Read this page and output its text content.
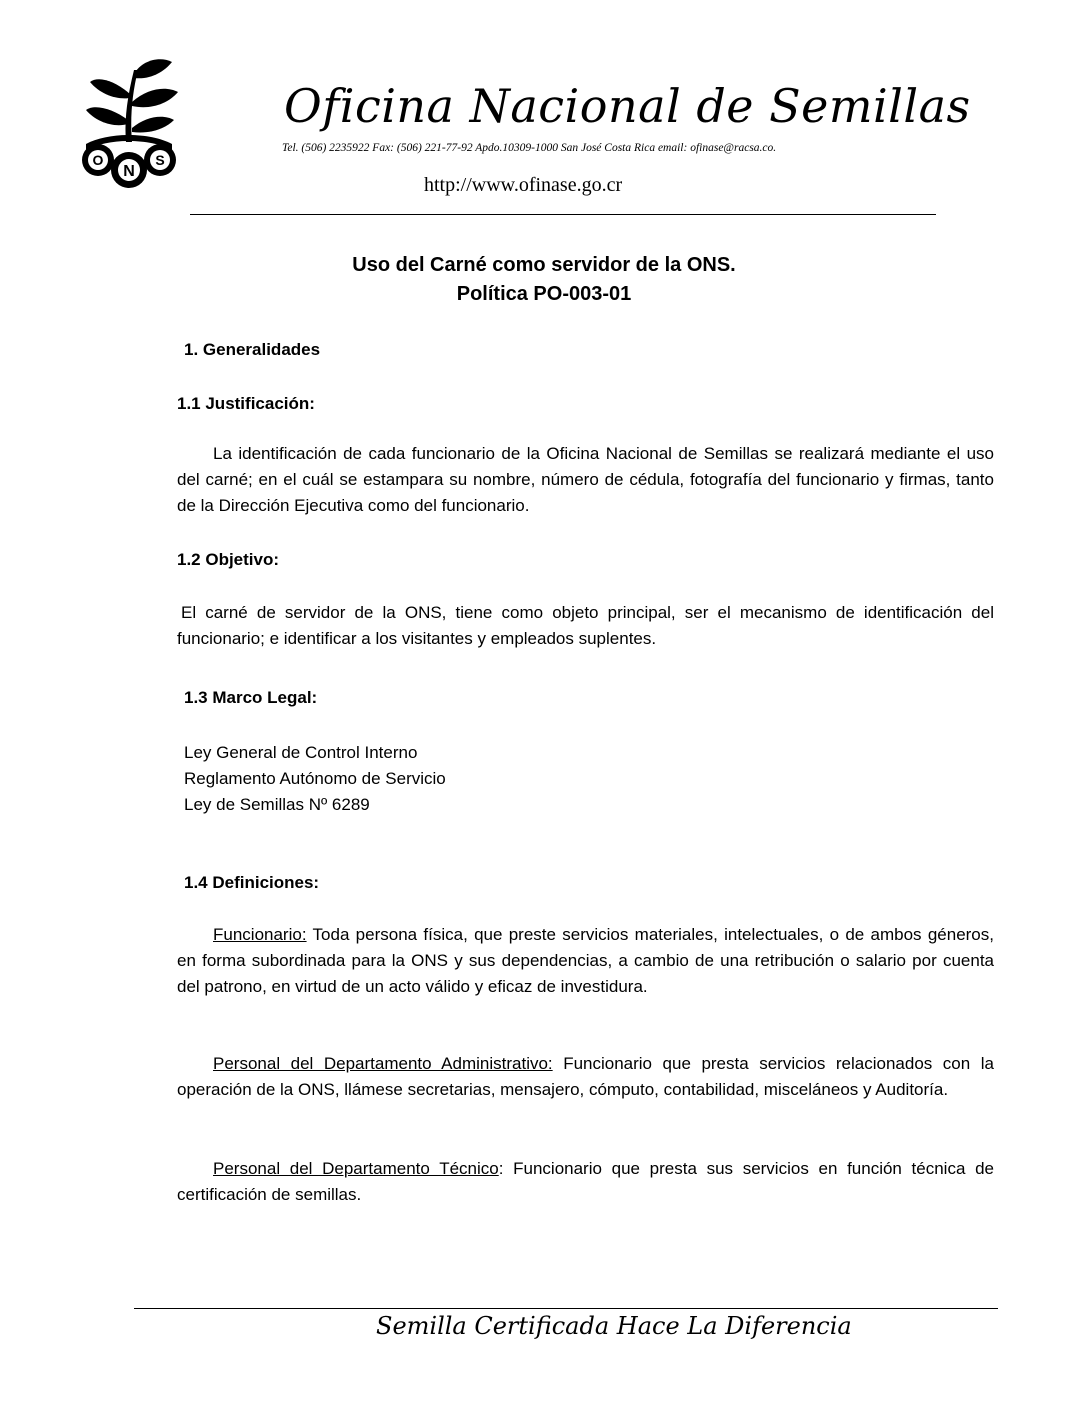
O
N
S
Oficina Nacional de Semillas
Tel. (506) 2235922 Fax: (506) 221-77-92 Apdo.10309-1000 San José Costa Rica email: ofinase@racsa.co.
http://www.ofinase.go.cr
Uso del Carné como servidor de la ONS.
Política PO-003-01
1. Generalidades
1.1 Justificación:
La identificación de cada funcionario de la Oficina Nacional de Semillas se realizará mediante el uso del carné; en el cuál se estampara su nombre, número de cédula, fotografía del funcionario y firmas, tanto de la Dirección Ejecutiva como del funcionario.
1.2 Objetivo:
El carné de servidor de la ONS, tiene como objeto principal, ser el mecanismo de identificación del funcionario; e identificar a los visitantes y empleados suplentes.
1.3 Marco Legal:
Ley General de Control Interno
Reglamento Autónomo de Servicio
Ley de Semillas Nº 6289
1.4 Definiciones:
Funcionario: Toda persona física, que preste servicios materiales, intelectuales, o de ambos géneros, en forma subordinada para la ONS y sus dependencias, a cambio de una retribución o salario por cuenta del patrono, en virtud de un acto válido y eficaz de investidura.
Personal del Departamento Administrativo: Funcionario que presta servicios relacionados con la operación de la ONS, llámese secretarias, mensajero, cómputo, contabilidad, misceláneos y Auditoría.
Personal del Departamento Técnico: Funcionario que presta sus servicios en función técnica de certificación de semillas.
Semilla Certificada Hace La Diferencia
